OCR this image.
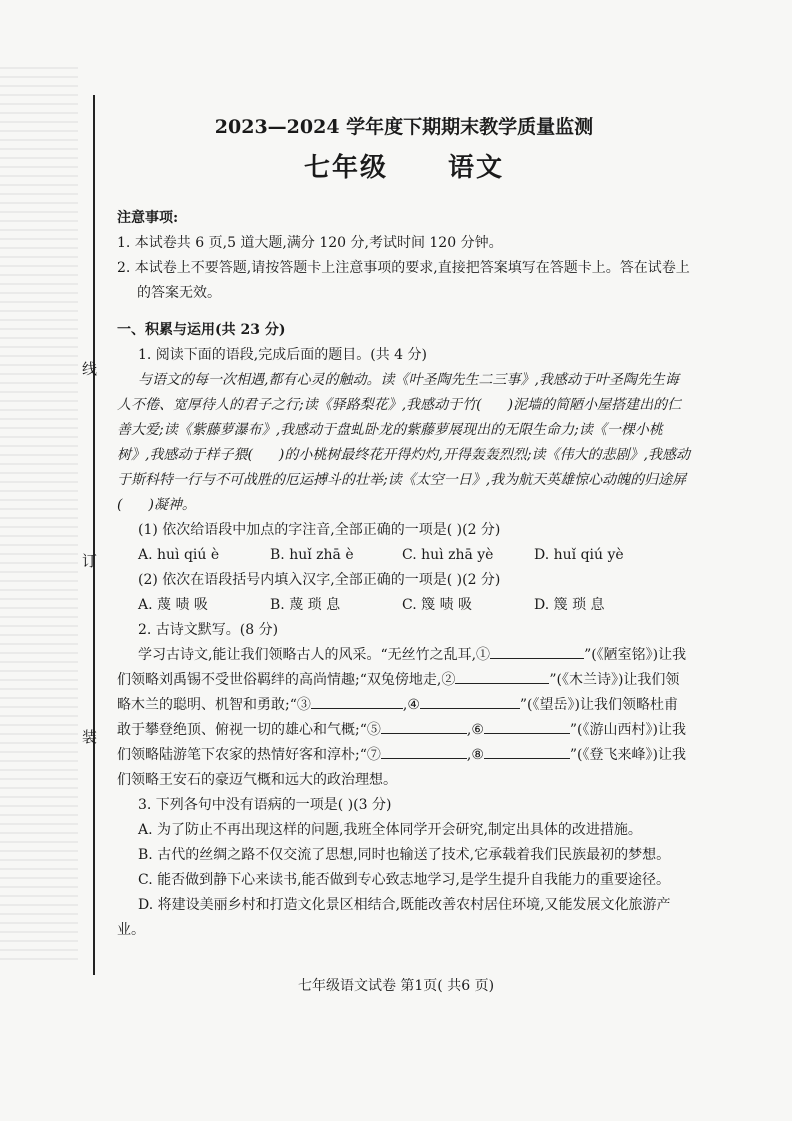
线
订
装
2023—2024 学年度下期期末教学质量监测
七年级 语文
注意事项:
1. 本试卷共 6 页,5 道大题,满分 120 分,考试时间 120 分钟。
2. 本试卷上不要答题,请按答题卡上注意事项的要求,直接把答案填写在答题卡上。答在试卷上的答案无效。
一、积累与运用(共 23 分)
1. 阅读下面的语段,完成后面的题目。(共 4 分)
与语文的每一次相遇,都有心灵的触动。读《叶圣陶先生二三事》,我感动于叶圣陶先生诲人不倦、宽厚待人的君子之行;读《驿路梨花》,我感动于竹( )泥墙的简陋小屋搭建出的仁善大爱;读《紫藤萝瀑布》,我感动于盘虬卧龙的紫藤萝展现出的无限生命力;读《一棵小桃树》,我感动于样子猥( )的小桃树最终花开得灼灼,开得轰轰烈烈;读《伟大的悲剧》,我感动于斯科特一行与不可战胜的厄运搏斗的壮举;读《太空一日》,我为航天英雄惊心动魄的归途屏( )凝神。
(1) 依次给语段中加点的字注音,全部正确的一项是( )(2 分)
A. huì qiú è	B. huǐ zhā è	C. huì zhā yè	D. huǐ qiú yè
(2) 依次在语段括号内填入汉字,全部正确的一项是( )(2 分)
A. 蔑 啧 吸	B. 蔑 琐 息	C. 篾 啧 吸	D. 篾 琐 息
2. 古诗文默写。(8 分)
学习古诗文,能让我们领略古人的风采。“无丝竹之乱耳,①	”(《陋室铭》)让我们领略刘禹锡不受世俗羁绊的高尚情趣;“双兔傍地走,②	”(《木兰诗》)让我们领略木兰的聪明、机智和勇敢;“③	,④	”(《望岳》)让我们领略杜甫敢于攀登绝顶、俯视一切的雄心和气概;“⑤	,⑥	”(《游山西村》)让我们领略陆游笔下农家的热情好客和淳朴;“⑦	,⑧	”(《登飞来峰》)让我们领略王安石的豪迈气概和远大的政治理想。
3. 下列各句中没有语病的一项是( )(3 分)
A. 为了防止不再出现这样的问题,我班全体同学开会研究,制定出具体的改进措施。
B. 古代的丝绸之路不仅交流了思想,同时也输送了技术,它承载着我们民族最初的梦想。
C. 能否做到静下心来读书,能否做到专心致志地学习,是学生提升自我能力的重要途径。
D. 将建设美丽乡村和打造文化景区相结合,既能改善农村居住环境,又能发展文化旅游产业。
七年级语文试卷 第1页( 共6 页)
